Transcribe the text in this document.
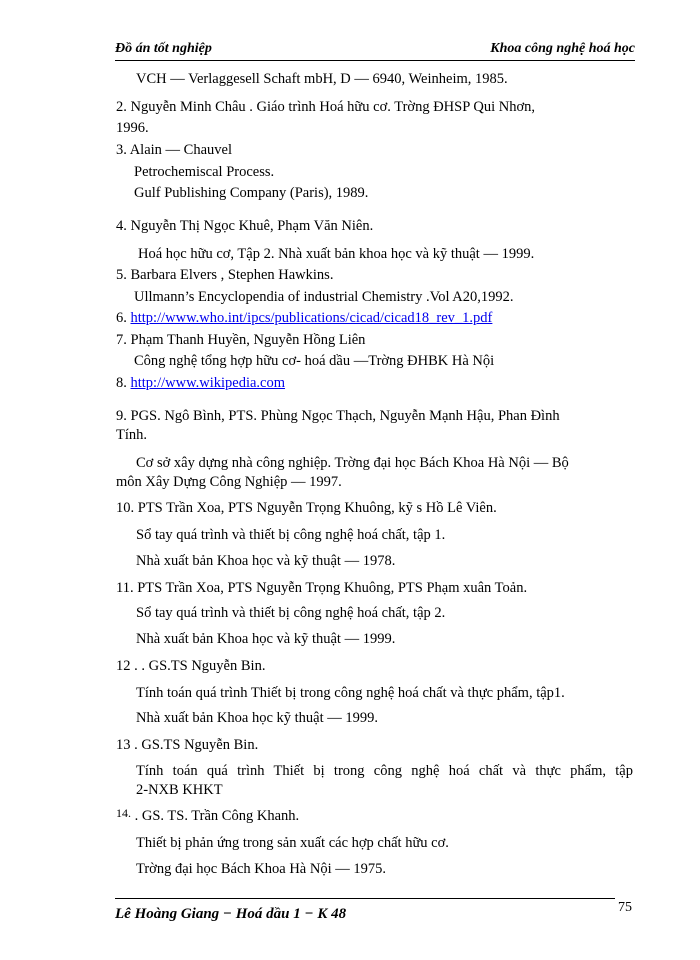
Đồ án tốt nghiệp	Khoa công nghệ hoá học
VCH — Verlaggesell Schaft mbH, D — 6940, Weinheim, 1985.
2. Nguyễn Minh Châu . Giáo trình Hoá hữu cơ. Trờng ĐHSP Qui Nhơn,
1996.
3. Alain — Chauvel
Petrochemiscal Process.
Gulf Publishing Company (Paris), 1989.
4. Nguyễn Thị Ngọc Khuê, Phạm Văn Niên.
Hoá học hữu cơ, Tập 2. Nhà xuất bản khoa học và kỹ thuật — 1999.
5. Barbara Elvers , Stephen Hawkins.
Ullmann’s Encyclopendia of industrial Chemistry .Vol A20,1992.
6. http://www.who.int/ipcs/publications/cicad/cicad18_rev_1.pdf
7. Phạm Thanh Huyền, Nguyễn Hồng Liên
Công nghệ tổng hợp hữu cơ- hoá dầu —Trờng ĐHBK Hà Nội
8. http://www.wikipedia.com
9. PGS. Ngô Bình, PTS. Phùng Ngọc Thạch, Nguyễn Mạnh Hậu, Phan Đình
Tính.
Cơ sở xây dựng nhà công nghiệp. Trờng đại học Bách Khoa Hà Nội — Bộ
môn Xây Dựng Công Nghiệp — 1997.
10. PTS Trần Xoa, PTS Nguyễn Trọng Khuông, kỹ s Hồ Lê Viên.
Sổ tay quá trình và thiết bị công nghệ hoá chất, tập 1.
Nhà xuất bản Khoa học và kỹ thuật — 1978.
11. PTS Trần Xoa, PTS Nguyễn Trọng Khuông, PTS Phạm xuân Toản.
Sổ tay quá trình và thiết bị công nghệ hoá chất, tập 2.
Nhà xuất bản Khoa học và kỹ thuật — 1999.
12 . . GS.TS Nguyễn Bin.
Tính toán quá trình Thiết bị trong công nghệ hoá chất và thực phẩm, tập1.
Nhà xuất bản Khoa học kỹ thuật — 1999.
13 . GS.TS Nguyễn Bin.
Tính toán quá trình Thiết bị trong công nghệ hoá chất và thực phẩm, tập
2-NXB KHKT
$^{14.}$ . GS. TS. Trần Công Khanh.
Thiết bị phản ứng trong sản xuất các hợp chất hữu cơ.
Trờng đại học Bách Khoa Hà Nội — 1975.
Lê Hoàng Giang − Hoá dầu 1 − K 48	75
